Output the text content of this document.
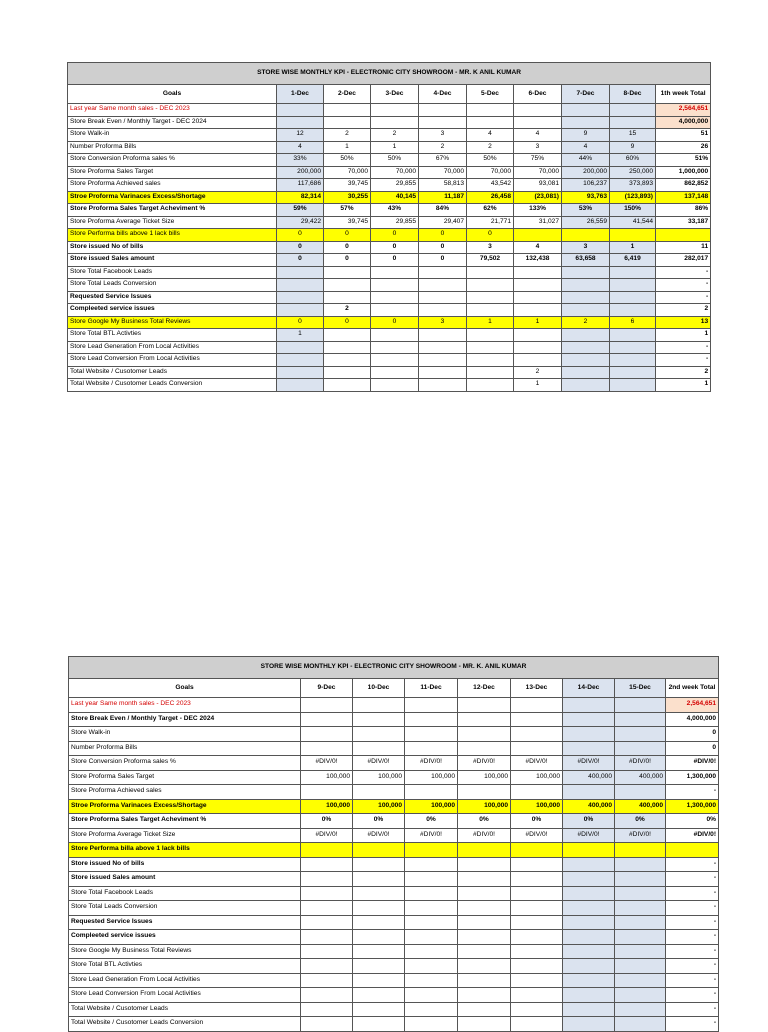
STORE WISE MONTHLY KPI - ELECTRONIC CITY SHOWROOM - MR. K ANIL KUMAR									
Goals	1-Dec	2-Dec	3-Dec	4-Dec	5-Dec	6-Dec	7-Dec	8-Dec	1th week Total
Last year Same month sales - DEC 2023									2,564,651
Store Break Even / Monthly Target - DEC 2024									4,000,000
Store Walk-in	12	2	2	3	4	4	9	15	51
Number Proforma Bills	4	1	1	2	2	3	4	9	26
Store Conversion Proforma sales %	33%	50%	50%	67%	50%	75%	44%	60%	51%
Store Proforma Sales Target	200,000	70,000	70,000	70,000	70,000	70,000	200,000	250,000	1,000,000
Store Proforma Achieved sales	117,686	39,745	29,855	58,813	43,542	93,081	106,237	373,893	862,852
Stroe Proforma Varinaces Excess/Shortage	82,314	30,255	40,145	11,187	26,458	(23,081)	93,763	(123,893)	137,148
Store Proforma Sales Target Acheviment %	59%	57%	43%	84%	62%	133%	53%	150%	86%
Store Proforma Average Ticket Size	29,422	39,745	29,855	29,407	21,771	31,027	26,559	41,544	33,187
Store Performa bills above 1 lack bills	0	0	0	0	0				
Store issued No of bills	0	0	0	0	3	4	3	1	11
Store issued Sales amount	0	0	0	0	79,502	132,438	63,658	6,419	282,017
Store Total Facebook Leads									-
Store Total Leads Conversion									-
Requested Service Issues									-
Compleeted service issues		2							2
Store Google My Business Total Reviews	0	0	0	3	1	1	2	6	13
Store Total BTL Activties	1								1
Store Lead Generation From Local Activities									-
Store Lead Conversion From Local Activities									-
Total Website / Cusotomer Leads						2			2
Total Website / Cusotomer Leads Conversion						1			1
STORE WISE MONTHLY KPI - ELECTRONIC CITY SHOWROOM - MR. K. ANIL KUMAR								
Goals	9-Dec	10-Dec	11-Dec	12-Dec	13-Dec	14-Dec	15-Dec	2nd week Total
Last year Same month sales - DEC 2023								2,564,651
Store Break Even / Monthly Target - DEC 2024								4,000,000
Store Walk-in								0
Number Proforma Bills								0
Store Conversion Proforma sales %	#DIV/0!	#DIV/0!	#DIV/0!	#DIV/0!	#DIV/0!	#DIV/0!	#DIV/0!	#DIV/0!
Store Proforma Sales Target	100,000	100,000	100,000	100,000	100,000	400,000	400,000	1,300,000
Store Proforma Achieved sales								-
Stroe Proforma Varinaces Excess/Shortage	100,000	100,000	100,000	100,000	100,000	400,000	400,000	1,300,000
Store Proforma Sales Target Acheviment %	0%	0%	0%	0%	0%	0%	0%	0%
Store Proforma Average Ticket Size	#DIV/0!	#DIV/0!	#DIV/0!	#DIV/0!	#DIV/0!	#DIV/0!	#DIV/0!	#DIV/0!
Store Performa billa above 1 lack bills								
Store issued No of bills								-
Store issued Sales amount								-
Store Total Facebook Leads								-
Store Total Leads Conversion								-
Requested Service Issues								-
Compleeted service issues								-
Store Google My Business Total Reviews								-
Store Total BTL Activties								-
Store Lead Generation From Local Activities								-
Store Lead Conversion From Local Activities								-
Total Website / Cusotomer Leads								-
Total Website / Cusotomer Leads Conversion								-
